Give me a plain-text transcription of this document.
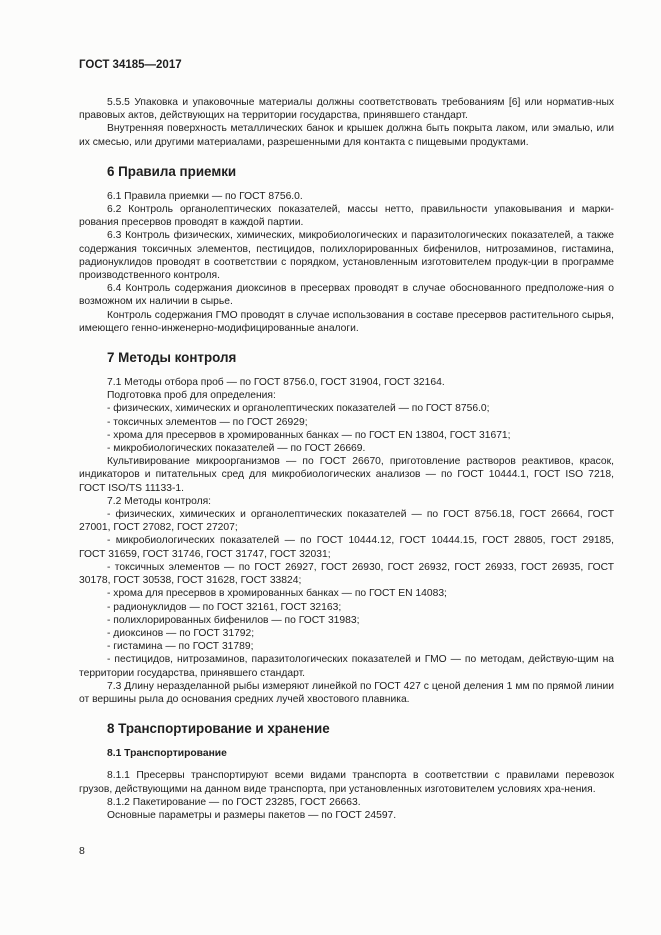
ГОСТ 34185—2017
5.5.5 Упаковка и упаковочные материалы должны соответствовать требованиям [6] или норматив-ных правовых актов, действующих на территории государства, принявшего стандарт.
Внутренняя поверхность металлических банок и крышек должна быть покрыта лаком, или эмалью, или их смесью, или другими материалами, разрешенными для контакта с пищевыми продуктами.
6 Правила приемки
6.1 Правила приемки — по ГОСТ 8756.0.
6.2 Контроль органолептических показателей, массы нетто, правильности упаковывания и марки-рования пресервов проводят в каждой партии.
6.3 Контроль физических, химических, микробиологических и паразитологических показателей, а также содержания токсичных элементов, пестицидов, полихлорированных бифенилов, нитрозаминов, гистамина, радионуклидов проводят в соответствии с порядком, установленным изготовителем продук-ции в программе производственного контроля.
6.4 Контроль содержания диоксинов в пресервах проводят в случае обоснованного предположе-ния о возможном их наличии в сырье.
Контроль содержания ГМО проводят в случае использования в составе пресервов растительного сырья, имеющего генно-инженерно-модифицированные аналоги.
7 Методы контроля
7.1 Методы отбора проб — по ГОСТ 8756.0, ГОСТ 31904, ГОСТ 32164.
Подготовка проб для определения:
- физических, химических и органолептических показателей — по ГОСТ 8756.0;
- токсичных элементов — по ГОСТ 26929;
- хрома для пресервов в хромированных банках — по ГОСТ EN 13804, ГОСТ 31671;
- микробиологических показателей — по ГОСТ 26669.
Культивирование микроорганизмов — по ГОСТ 26670, приготовление растворов реактивов, красок, индикаторов и питательных сред для микробиологических анализов — по ГОСТ 10444.1, ГОСТ ISO 7218, ГОСТ ISO/TS 11133-1.
7.2 Методы контроля:
- физических, химических и органолептических показателей — по ГОСТ 8756.18, ГОСТ 26664, ГОСТ 27001, ГОСТ 27082, ГОСТ 27207;
- микробиологических показателей — по ГОСТ 10444.12, ГОСТ 10444.15, ГОСТ 28805, ГОСТ 29185, ГОСТ 31659, ГОСТ 31746, ГОСТ 31747, ГОСТ 32031;
- токсичных элементов — по ГОСТ 26927, ГОСТ 26930, ГОСТ 26932, ГОСТ 26933, ГОСТ 26935, ГОСТ 30178, ГОСТ 30538, ГОСТ 31628, ГОСТ 33824;
- хрома для пресервов в хромированных банках — по ГОСТ EN 14083;
- радионуклидов — по ГОСТ 32161, ГОСТ 32163;
- полихлорированных бифенилов — по ГОСТ 31983;
- диоксинов — по ГОСТ 31792;
- гистамина — по ГОСТ 31789;
- пестицидов, нитрозаминов, паразитологических показателей и ГМО — по методам, действую-щим на территории государства, принявшего стандарт.
7.3 Длину неразделанной рыбы измеряют линейкой по ГОСТ 427 с ценой деления 1 мм по прямой линии от вершины рыла до основания средних лучей хвостового плавника.
8 Транспортирование и хранение
8.1 Транспортирование
8.1.1 Пресервы транспортируют всеми видами транспорта в соответствии с правилами перевозок грузов, действующими на данном виде транспорта, при установленных изготовителем условиях хра-нения.
8.1.2 Пакетирование — по ГОСТ 23285, ГОСТ 26663.
Основные параметры и размеры пакетов — по ГОСТ 24597.
8
